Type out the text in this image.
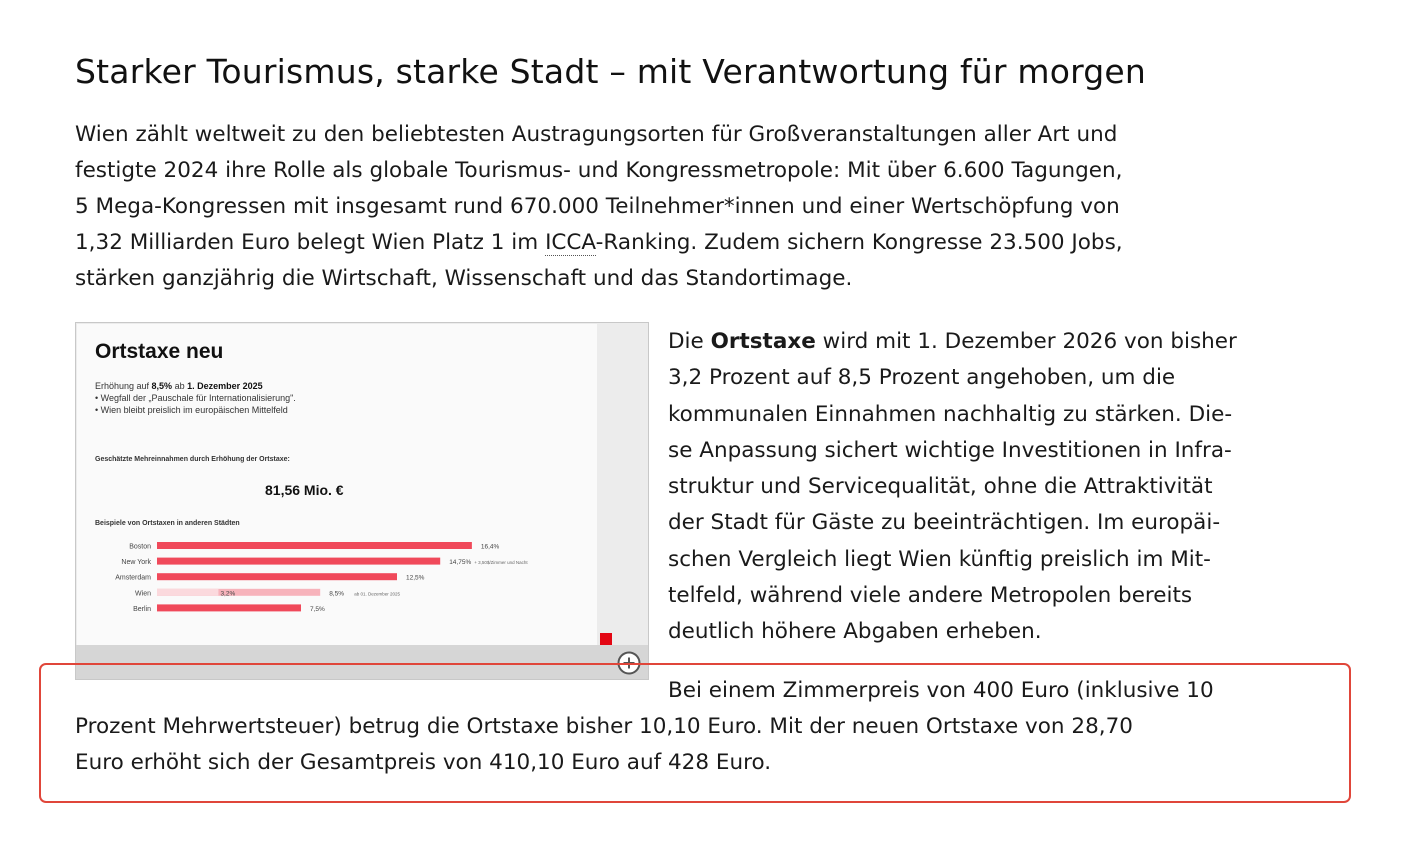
Starker Tourismus, starke Stadt – mit Verantwortung für morgen

Wien zählt weltweit zu den beliebtesten Austragungsorten für Großveranstaltungen aller Art und
festigte 2024 ihre Rolle als globale Tourismus- und Kongressmetropole: Mit über 6.600 Tagungen,
5 Mega-Kongressen mit insgesamt rund 670.000 Teilnehmer*innen und einer Wertschöpfung von
1,32 Milliarden Euro belegt Wien Platz 1 im ICCA-Ranking. Zudem sichern Kongresse 23.500 Jobs,
stärken ganzjährig die Wirtschaft, Wissenschaft und das Standortimage.

Ortstaxe neu

Erhöhung auf 8,5% ab 1. Dezember 2025
• Wegfall der „Pauschale für Internationalisierung".
• Wien bleibt preislich im europäischen Mittelfeld

Geschätzte Mehreinnahmen durch Erhöhung der Ortstaxe:

81,56 Mio. €

Beispiele von Ortstaxen in anderen Städten

Boston	16,4%
New York	14,75% + 3,50$/Zimmer und Nacht
Amsterdam	12,5%
Wien	3,2%	8,5% ab 01. Dezember 2025
Berlin	7,5%

Die Ortstaxe wird mit 1. Dezember 2026 von bisher
3,2 Prozent auf 8,5 Prozent angehoben, um die
kommunalen Einnahmen nachhaltig zu stärken. Die-
se Anpassung sichert wichtige Investitionen in Infra-
struktur und Servicequalität, ohne die Attraktivität
der Stadt für Gäste zu beeinträchtigen. Im europäi-
schen Vergleich liegt Wien künftig preislich im Mit-
telfeld, während viele andere Metropolen bereits
deutlich höhere Abgaben erheben.

Bei einem Zimmerpreis von 400 Euro (inklusive 10

Prozent Mehrwertsteuer) betrug die Ortstaxe bisher 10,10 Euro. Mit der neuen Ortstaxe von 28,70

Euro erhöht sich der Gesamtpreis von 410,10 Euro auf 428 Euro.
